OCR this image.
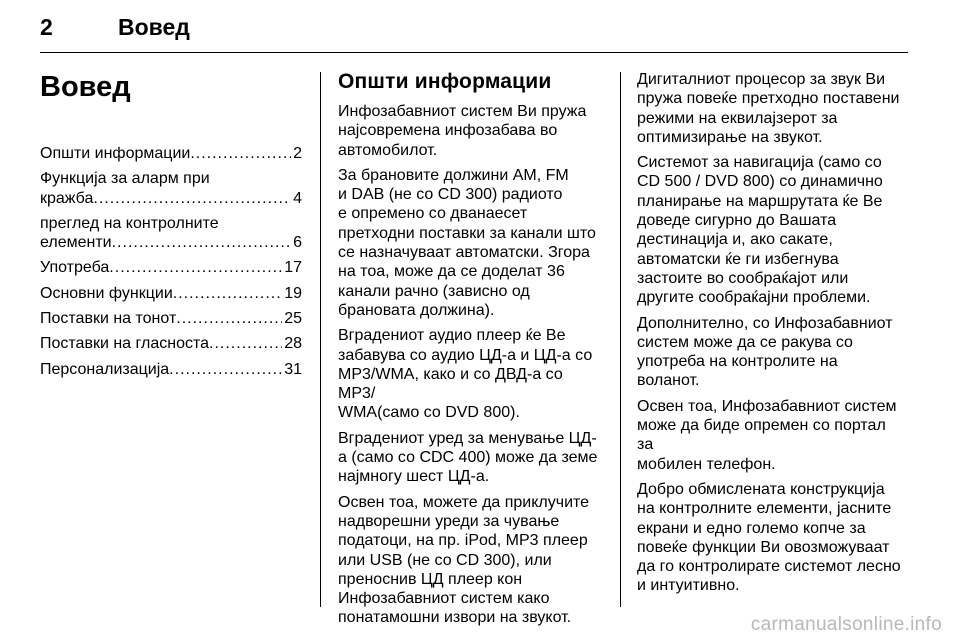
2	Вовед
Вовед
Општи информации .....	2
Функција за аларм при
кражба .....	4
преглед на контролните
елементи .....	6
Употреба .....	17
Основни функции .....	19
Поставки на тонот .....	25
Поставки на гласноста .....	28
Персонализација .....	31
Општи информации
Инфозабавниот систем Ви пружа
најсовремена инфозабава во
автомобилот.
За брановите должини AM, FM
и DAB (не со CD 300) радиото
е опремено со дванаесет
претходни поставки за канали што
се назначуваат автоматски. Згора
на тоа, може да се доделат 36
канали рачно (зависно од
брановата должина).
Вградениот аудио плеер ќе Ве
забавува со аудио ЦД-а и ЦД-а со
MP3/WMA, како и со ДВД-а со MP3/
WMA(само со DVD 800).
Вградениот уред за менување ЦД-
а (само со CDC 400) може да земе
најмногу шест ЦД-а.
Освен тоа, можете да приклучите
надворешни уреди за чување
податоци, на пр. iPod, MP3 плеер
или USB (не со CD 300), или
преноснив ЦД плеер кон
Инфозабавниот систем како
понатамошни извори на звукот.
Дигиталниот процесор за звук Ви
пружа повеќе претходно поставени
режими на еквилајзерот за
оптимизирање на звукот.
Системот за навигација (само со
CD 500 / DVD 800) со динамично
планирање на маршрутата ќе Ве
доведе сигурно до Вашата
дестинација и, ако сакате,
автоматски ќе ги избегнува
застоите во сообраќајот или
другите сообраќајни проблеми.
Дополнително, со Инфозабавниот
систем може да се ракува со
употреба на контролите на
воланот.
Освен тоа, Инфозабавниот систем
може да биде опремен со портал за
мобилен телефон.
Добро обмислената конструкција
на контролните елементи, јасните
екрани и едно големо копче за
повеќе функции Ви овозможуваат
да го контролирате системот лесно
и интуитивно.
carmanualsonline.info
